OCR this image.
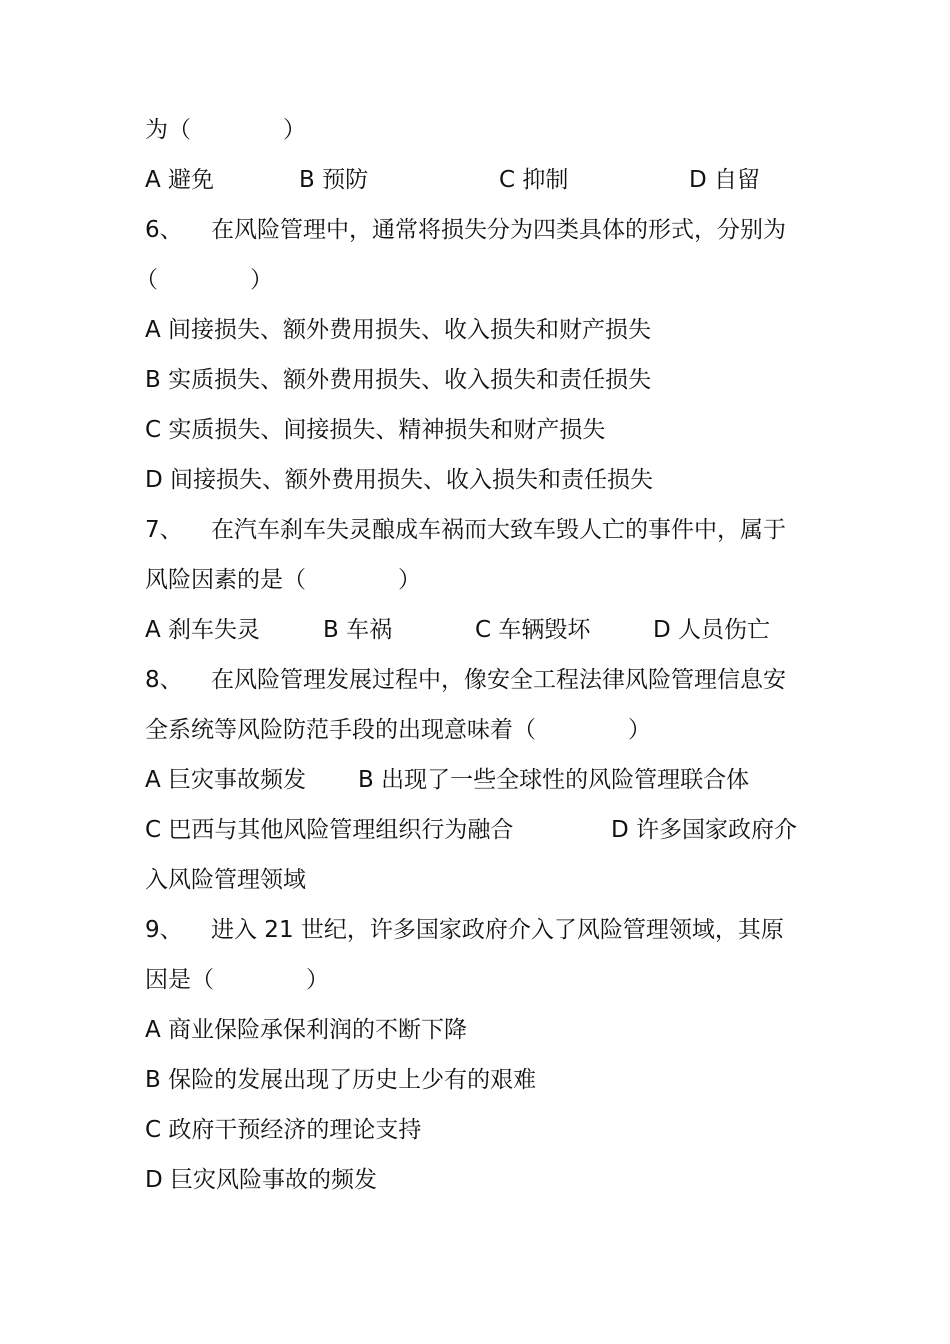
为（　　　　）
A 避免	B 预防	C 抑制	D 自留
6、 在风险管理中，通常将损失分为四类具体的形式，分别为
（　　　　）
A 间接损失、额外费用损失、收入损失和财产损失
B 实质损失、额外费用损失、收入损失和责任损失
C 实质损失、间接损失、精神损失和财产损失
D 间接损失、额外费用损失、收入损失和责任损失
7、 在汽车刹车失灵酿成车祸而大致车毁人亡的事件中，属于
风险因素的是（　　　　）
A 刹车失灵	B 车祸	C 车辆毁坏	D 人员伤亡
8、 在风险管理发展过程中，像安全工程法律风险管理信息安
全系统等风险防范手段的出现意味着（　　　　）
A 巨灾事故频发 B 出现了一些全球性的风险管理联合体
C 巴西与其他风险管理组织行为融合	D 许多国家政府介
入风险管理领域
9、 进入 21 世纪，许多国家政府介入了风险管理领域，其原
因是（　　　　）
A 商业保险承保利润的不断下降
B 保险的发展出现了历史上少有的艰难
C 政府干预经济的理论支持
D 巨灾风险事故的频发
